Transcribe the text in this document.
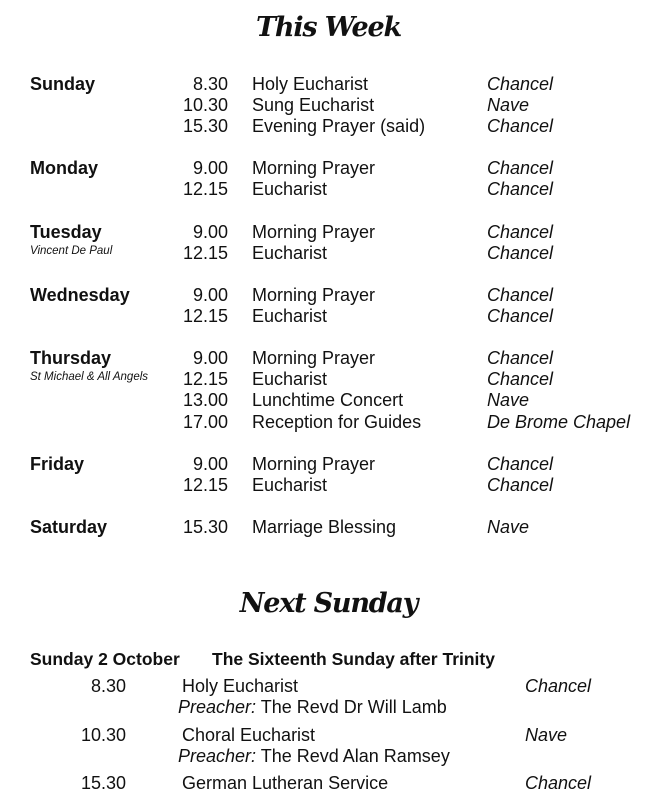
This Week
Sunday	8.30 Holy Eucharist	Chancel
10.30 Sung Eucharist	Nave
15.30 Evening Prayer (said)	Chancel
Monday	9.00 Morning Prayer	Chancel
12.15 Eucharist	Chancel
Tuesday
Vincent De Paul
9.00 Morning Prayer	Chancel
12.15 Eucharist	Chancel
Wednesday	9.00 Morning Prayer	Chancel
12.15 Eucharist	Chancel
Thursday
St Michael & All Angels
9.00 Morning Prayer	Chancel
12.15 Eucharist	Chancel
13.00 Lunchtime Concert	Nave
17.00 Reception for Guides	De Brome Chapel
Friday	9.00 Morning Prayer	Chancel
12.15 Eucharist	Chancel
Saturday	15.30 Marriage Blessing	Nave
Next Sunday
Sunday 2 October The Sixteenth Sunday after Trinity
8.30	Holy Eucharist	Chancel
Preacher: The Revd Dr Will Lamb
10.30	Choral Eucharist	Nave
Preacher: The Revd Alan Ramsey
15.30	German Lutheran Service	Chancel
